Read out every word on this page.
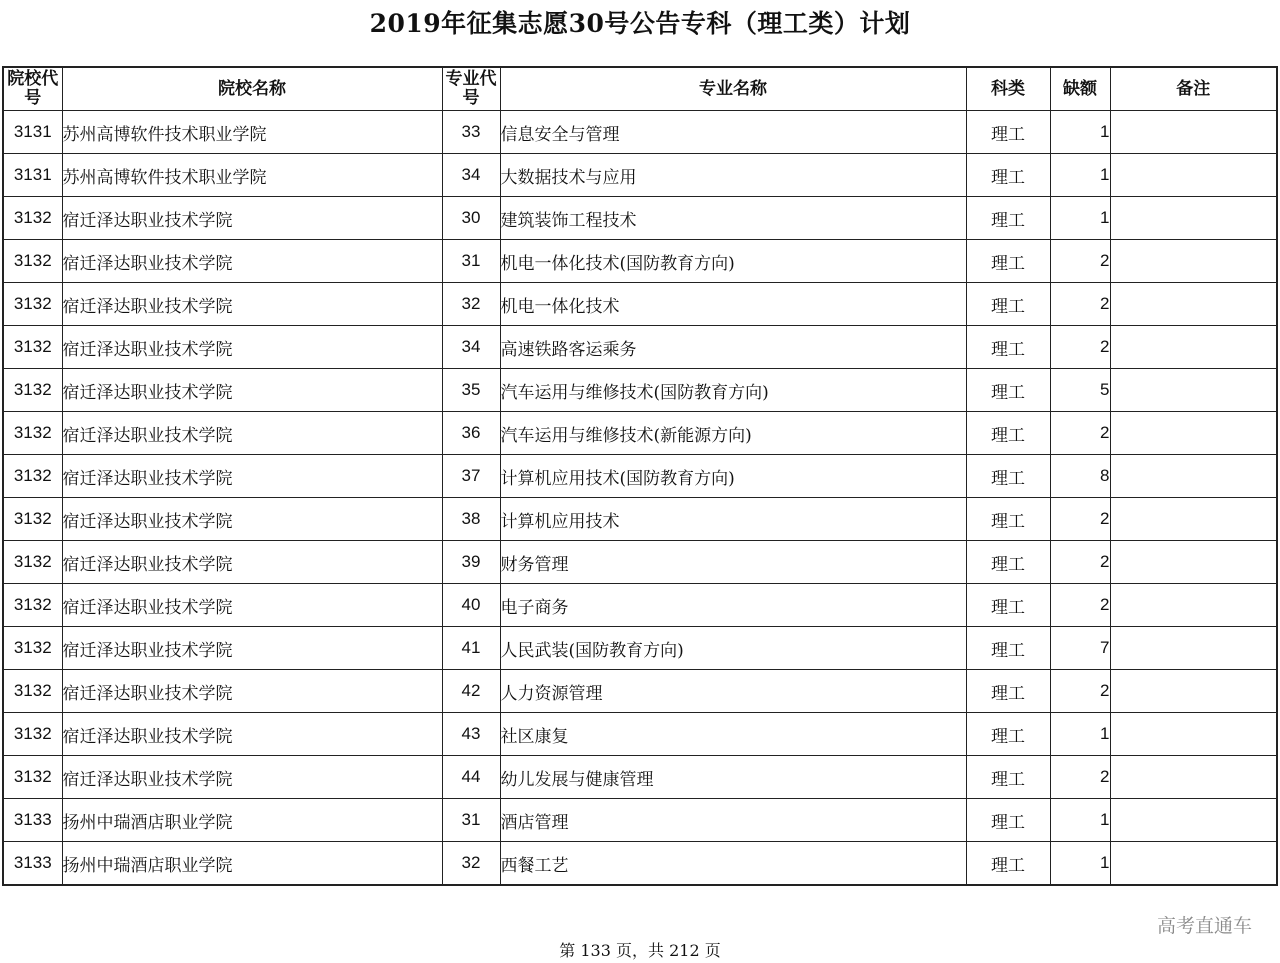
2019年征集志愿30号公告专科（理工类）计划
院校代号	院校名称	专业代号	专业名称	科类	缺额	备注
3131	苏州高博软件技术职业学院	33	信息安全与管理	理工	1	
3131	苏州高博软件技术职业学院	34	大数据技术与应用	理工	1	
3132	宿迁泽达职业技术学院	30	建筑装饰工程技术	理工	1	
3132	宿迁泽达职业技术学院	31	机电一体化技术(国防教育方向)	理工	2	
3132	宿迁泽达职业技术学院	32	机电一体化技术	理工	2	
3132	宿迁泽达职业技术学院	34	高速铁路客运乘务	理工	2	
3132	宿迁泽达职业技术学院	35	汽车运用与维修技术(国防教育方向)	理工	5	
3132	宿迁泽达职业技术学院	36	汽车运用与维修技术(新能源方向)	理工	2	
3132	宿迁泽达职业技术学院	37	计算机应用技术(国防教育方向)	理工	8	
3132	宿迁泽达职业技术学院	38	计算机应用技术	理工	2	
3132	宿迁泽达职业技术学院	39	财务管理	理工	2	
3132	宿迁泽达职业技术学院	40	电子商务	理工	2	
3132	宿迁泽达职业技术学院	41	人民武装(国防教育方向)	理工	7	
3132	宿迁泽达职业技术学院	42	人力资源管理	理工	2	
3132	宿迁泽达职业技术学院	43	社区康复	理工	1	
3132	宿迁泽达职业技术学院	44	幼儿发展与健康管理	理工	2	
3133	扬州中瑞酒店职业学院	31	酒店管理	理工	1	
3133	扬州中瑞酒店职业学院	32	西餐工艺	理工	1	
高考直通车
第 133 页，共 212 页
